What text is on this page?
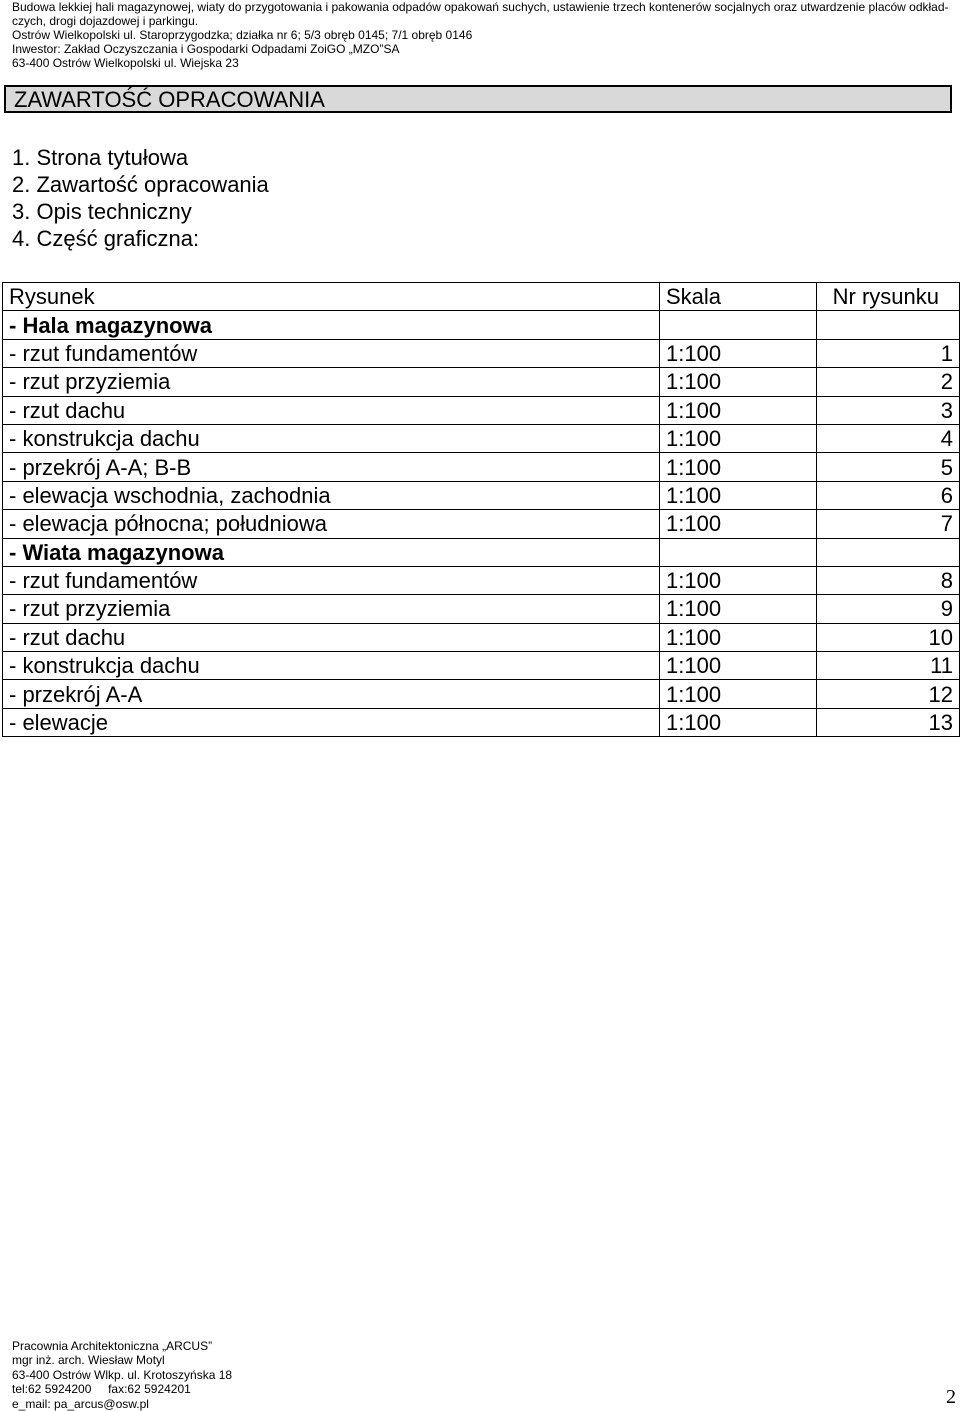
Budowa lekkiej hali magazynowej, wiaty do przygotowania i pakowania odpadów opakowań suchych, ustawienie trzech kontenerów socjalnych oraz utwardzenie placów odkład-
czych, drogi dojazdowej i parkingu.
Ostrów Wielkopolski ul. Staroprzygodzka; działka nr 6; 5/3 obręb 0145; 7/1 obręb 0146
Inwestor: Zakład Oczyszczania i Gospodarki Odpadami ZoiGO „MZO”SA
63-400 Ostrów Wielkopolski ul. Wiejska 23
ZAWARTOŚĆ OPRACOWANIA
1. Strona tytułowa
2. Zawartość opracowania
3. Opis techniczny
4. Część graficzna:
Rysunek	Skala	Nr rysunku
- Hala magazynowa		
- rzut fundamentów	1:100	1
- rzut przyziemia	1:100	2
- rzut dachu	1:100	3
- konstrukcja dachu	1:100	4
- przekrój A-A; B-B	1:100	5
- elewacja wschodnia, zachodnia	1:100	6
- elewacja północna; południowa	1:100	7
- Wiata magazynowa		
- rzut fundamentów	1:100	8
- rzut przyziemia	1:100	9
- rzut dachu	1:100	10
- konstrukcja dachu	1:100	11
- przekrój A-A	1:100	12
- elewacje	1:100	13
Pracownia Architektoniczna „ARCUS”
mgr inż. arch. Wiesław Motyl
63-400 Ostrów Wlkp. ul. Krotoszyńska 18
tel:62 5924200     fax:62 5924201
e_mail: pa_arcus@osw.pl	2
